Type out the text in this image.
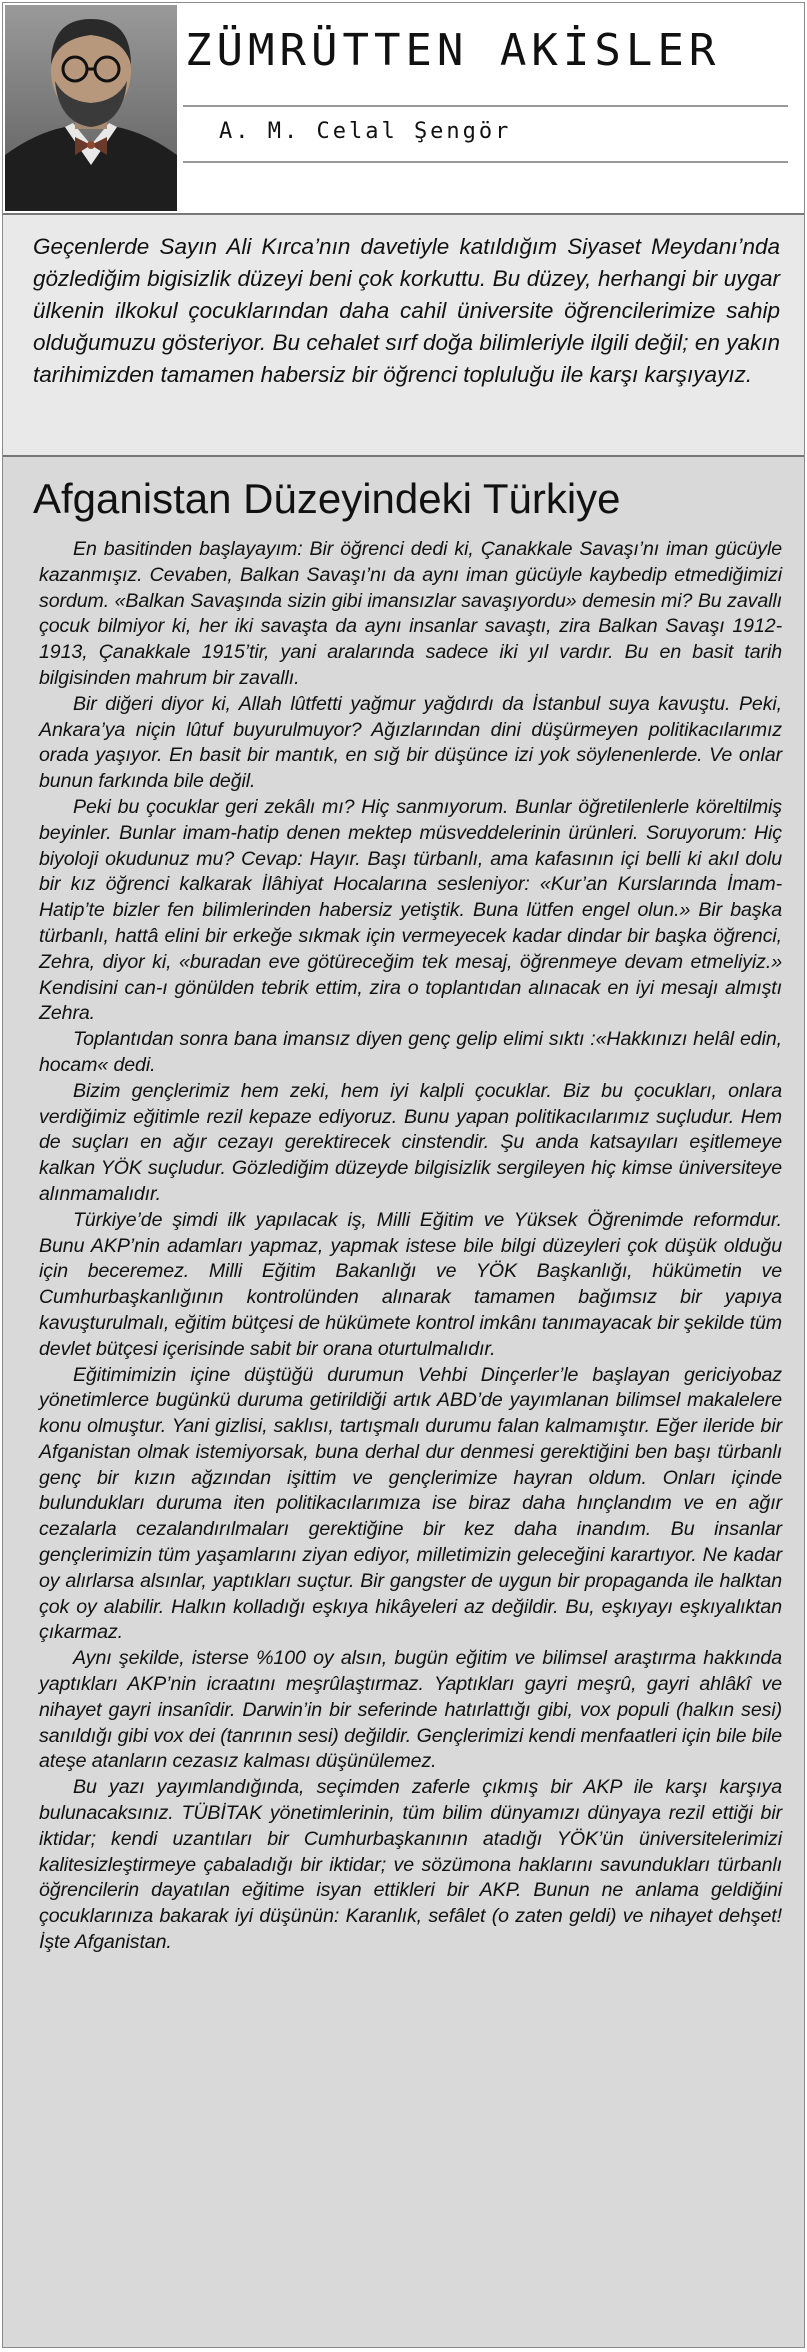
ZÜMRÜTTEN AKİSLER
A. M. Celal Şengör

Geçenlerde Sayın Ali Kırca’nın davetiyle katıldığım Siyaset Meydanı’nda gözlediğim bigisizlik düzeyi beni çok korkuttu. Bu düzey, herhangi bir uygar ülkenin ilkokul çocuklarından daha cahil üniversite öğrencilerimize sahip olduğumuzu gösteriyor. Bu cehalet sırf doğa bilimleriyle ilgili değil; en yakın tarihimizden tamamen habersiz bir öğrenci topluluğu ile karşı karşıyayız.

Afganistan Düzeyindeki Türkiye

En basitinden başlayayım: Bir öğrenci dedi ki, Çanakkale Savaşı’nı iman gücüyle kazanmışız. Cevaben, Balkan Savaşı’nı da aynı iman gücüyle kaybedip etmediğimizi sordum. «Balkan Savaşında sizin gibi imansızlar savaşıyordu» demesin mi? Bu zavallı çocuk bilmiyor ki, her iki savaşta da aynı insanlar savaştı, zira Balkan Savaşı 1912-1913, Çanakkale 1915’tir, yani aralarında sadece iki yıl vardır. Bu en basit tarih bilgisinden mahrum bir zavallı.

Bir diğeri diyor ki, Allah lûtfetti yağmur yağdırdı da İstanbul suya kavuştu. Peki, Ankara’ya niçin lûtuf buyurulmuyor? Ağızlarından dini düşürmeyen politikacılarımız orada yaşıyor. En basit bir mantık, en sığ bir düşünce izi yok söylenenlerde. Ve onlar bunun farkında bile değil.

Peki bu çocuklar geri zekâlı mı? Hiç sanmıyorum. Bunlar öğretilenlerle köreltilmiş beyinler. Bunlar imam-hatip denen mektep müsveddelerinin ürünleri. Soruyorum: Hiç biyoloji okudunuz mu? Cevap: Hayır. Başı türbanlı, ama kafasının içi belli ki akıl dolu bir kız öğrenci kalkarak İlâhiyat Hocalarına sesleniyor: «Kur’an Kurslarında İmam-Hatip’te bizler fen bilimlerinden habersiz yetiştik. Buna lütfen engel olun.» Bir başka türbanlı, hattâ elini bir erkeğe sıkmak için vermeyecek kadar dindar bir başka öğrenci, Zehra, diyor ki, «buradan eve götüreceğim tek mesaj, öğrenmeye devam etmeliyiz.» Kendisini can-ı gönülden tebrik ettim, zira o toplantıdan alınacak en iyi mesajı almıştı Zehra.

Toplantıdan sonra bana imansız diyen genç gelip elimi sıktı :«Hakkınızı helâl edin, hocam« dedi.

Bizim gençlerimiz hem zeki, hem iyi kalpli çocuklar. Biz bu çocukları, onlara verdiğimiz eğitimle rezil kepaze ediyoruz. Bunu yapan politikacılarımız suçludur. Hem de suçları en ağır cezayı gerektirecek cinstendir. Şu anda katsayıları eşitlemeye kalkan YÖK suçludur. Gözlediğim düzeyde bilgisizlik sergileyen hiç kimse üniversiteye alınmamalıdır.

Türkiye’de şimdi ilk yapılacak iş, Milli Eğitim ve Yüksek Öğrenimde reformdur. Bunu AKP’nin adamları yapmaz, yapmak istese bile bilgi düzeyleri çok düşük olduğu için beceremez. Milli Eğitim Bakanlığı ve YÖK Başkanlığı, hükümetin ve Cumhurbaşkanlığının kontrolünden alınarak tamamen bağımsız bir yapıya kavuşturulmalı, eğitim bütçesi de hükümete kontrol imkânı tanımayacak bir şekilde tüm devlet bütçesi içerisinde sabit bir orana oturtulmalıdır.

Eğitimimizin içine düştüğü durumun Vehbi Dinçerler’le başlayan gericiyobaz yönetimlerce bugünkü duruma getirildiği artık ABD’de yayımlanan bilimsel makalelere konu olmuştur. Yani gizlisi, saklısı, tartışmalı durumu falan kalmamıştır. Eğer ileride bir Afganistan olmak istemiyorsak, buna derhal dur denmesi gerektiğini ben başı türbanlı genç bir kızın ağzından işittim ve gençlerimize hayran oldum. Onları içinde bulundukları duruma iten politikacılarımıza ise biraz daha hınçlandım ve en ağır cezalarla cezalandırılmaları gerektiğine bir kez daha inandım. Bu insanlar gençlerimizin tüm yaşamlarını ziyan ediyor, milletimizin geleceğini karartıyor. Ne kadar oy alırlarsa alsınlar, yaptıkları suçtur. Bir gangster de uygun bir propaganda ile halktan çok oy alabilir. Halkın kolladığı eşkıya hikâyeleri az değildir. Bu, eşkıyayı eşkıyalıktan çıkarmaz.

Aynı şekilde, isterse %100 oy alsın, bugün eğitim ve bilimsel araştırma hakkında yaptıkları AKP’nin icraatını meşrûlaştırmaz. Yaptıkları gayri meşrû, gayri ahlâkî ve nihayet gayri insanîdir. Darwin’in bir seferinde hatırlattığı gibi, vox populi (halkın sesi) sanıldığı gibi vox dei (tanrının sesi) değildir. Gençlerimizi kendi menfaatleri için bile bile ateşe atanların cezasız kalması düşünülemez.

Bu yazı yayımlandığında, seçimden zaferle çıkmış bir AKP ile karşı karşıya bulunacaksınız. TÜBİTAK yönetimlerinin, tüm bilim dünyamızı dünyaya rezil ettiği bir iktidar; kendi uzantıları bir Cumhurbaşkanının atadığı YÖK’ün üniversitelerimizi kalitesizleştirmeye çabaladığı bir iktidar; ve sözümona haklarını savundukları türbanlı öğrencilerin dayatılan eğitime isyan ettikleri bir AKP. Bunun ne anlama geldiğini çocuklarınıza bakarak iyi düşünün: Karanlık, sefâlet (o zaten geldi) ve nihayet dehşet! İşte Afganistan.
